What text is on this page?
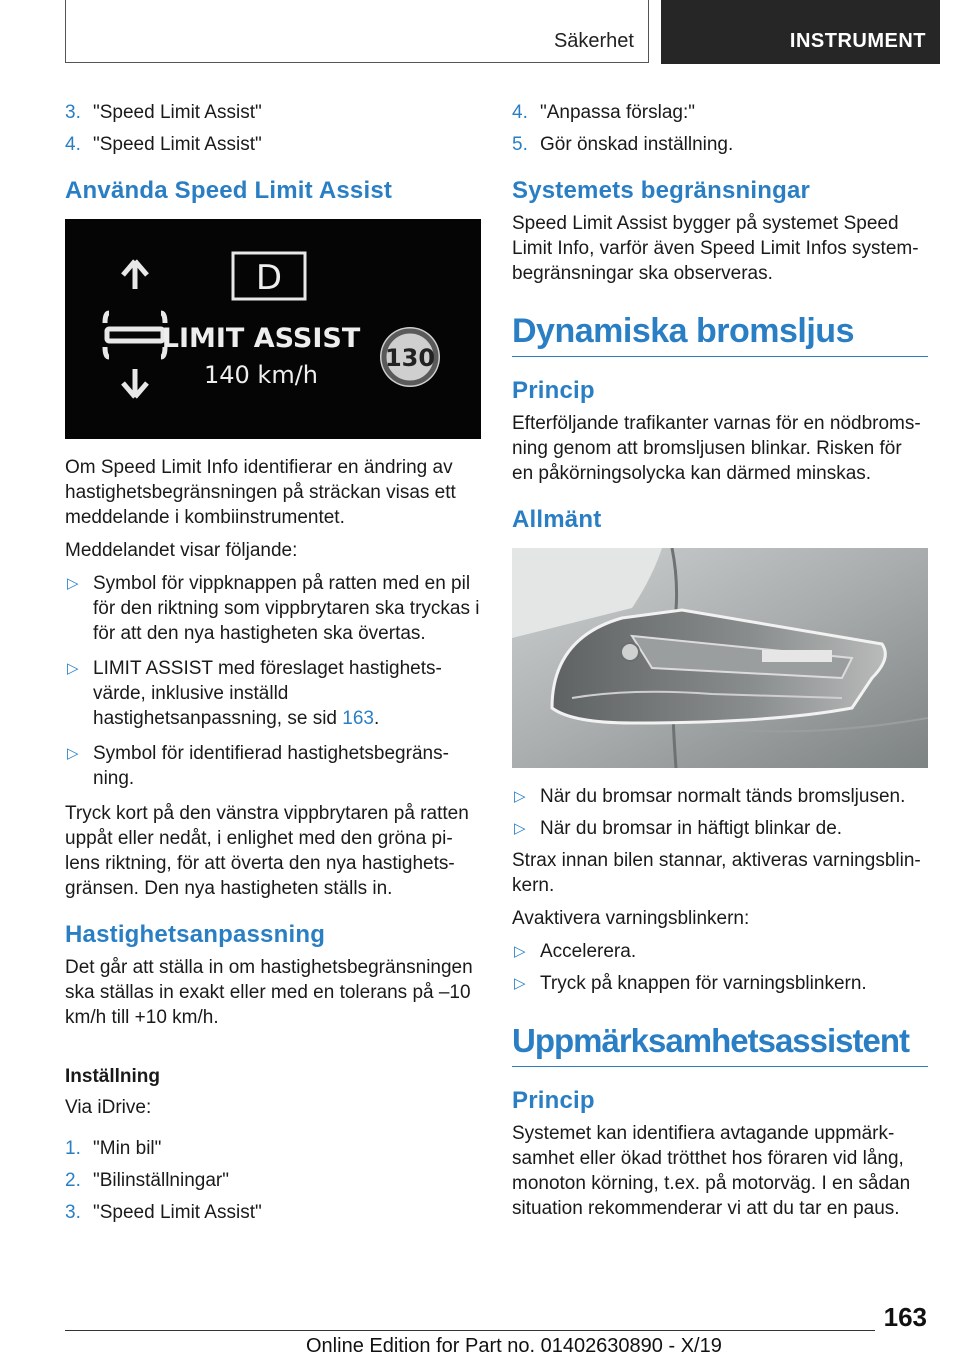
Säkerhet	INSTRUMENT
3. "Speed Limit Assist"
4. "Speed Limit Assist"
Använda Speed Limit Assist
D
LIMIT ASSIST
140 km/h
130

Om Speed Limit Info identifierar en ändring av hastighetsbegränsningen på sträckan visas ett meddelande i kombiinstrumentet.

Meddelandet visar följande:

▷ Symbol för vippknappen på ratten med en pil för den riktning som vippbrytaren ska tryckas i för att den nya hastigheten ska övertas.
▷ LIMIT ASSIST med föreslaget hastighets-värde, inklusive inställd hastighetsanpassning, se sid 163.
▷ Symbol för identifierad hastighetsbegräns-ning.

Tryck kort på den vänstra vippbrytaren på ratten uppåt eller nedåt, i enlighet med den gröna pi-lens riktning, för att överta den nya hastighets-gränsen. Den nya hastigheten ställs in.

Hastighetsanpassning

Det går att ställa in om hastighetsbegränsningen ska ställas in exakt eller med en tolerans på –10 km/h till +10 km/h.

Inställning

Via iDrive:

1. "Min bil"
2. "Bilinställningar"
3. "Speed Limit Assist"
4. "Anpassa förslag:"
5. Gör önskad inställning.
Systemets begränsningar

Speed Limit Assist bygger på systemet Speed Limit Info, varför även Speed Limit Infos system-begränsningar ska observeras.

Dynamiska bromsljus
Princip

Efterföljande trafikanter varnas för en nödbroms-ning genom att bromsljusen blinkar. Risken för en påkörningsolycka kan därmed minskas.

Allmänt
▷ När du bromsar normalt tänds bromsljusen.
▷ När du bromsar in häftigt blinkar de.

Strax innan bilen stannar, aktiveras varningsblin-kern.

Avaktivera varningsblinkern:

▷ Accelerera.
▷ Tryck på knappen för varningsblinkern.
Uppmärksamhetsassistent
Princip

Systemet kan identifiera avtagande uppmärk-samhet eller ökad trötthet hos föraren vid lång, monoton körning, t.ex. på motorväg. I en sådan situation rekommenderar vi att du tar en paus.

163
Online Edition for Part no. 01402630890 - X/19
